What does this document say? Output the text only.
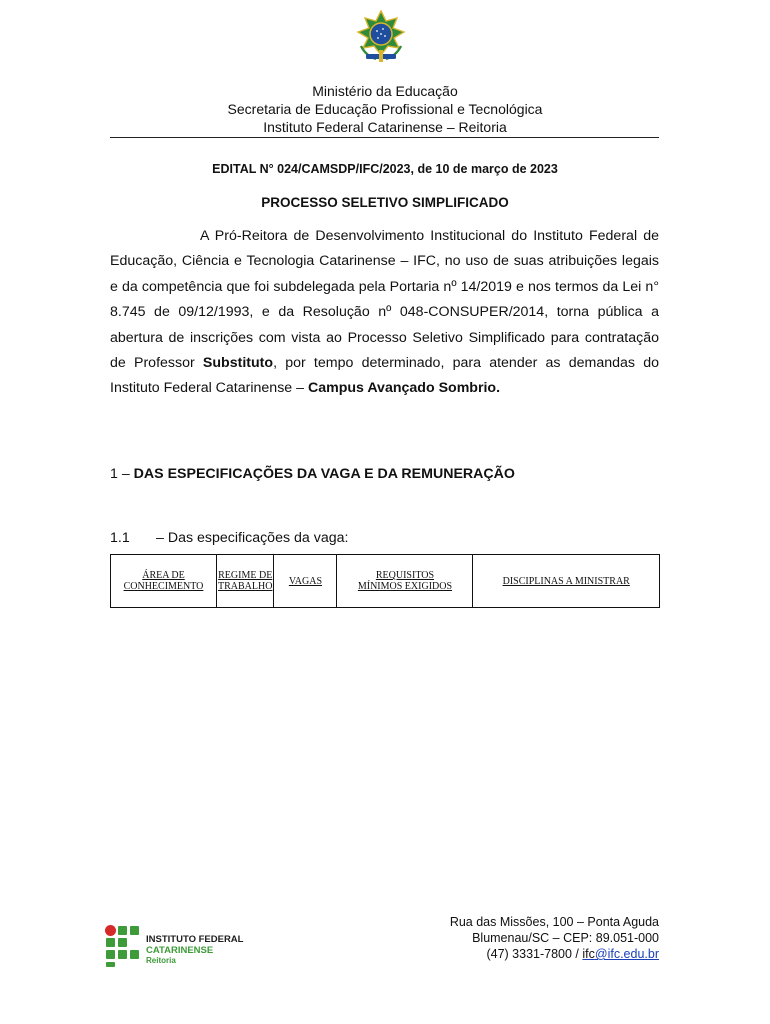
Ministério da Educação
Secretaria de Educação Profissional e Tecnológica
Instituto Federal Catarinense – Reitoria
EDITAL N° 024/CAMSDP/IFC/2023, de 10 de março de 2023
PROCESSO SELETIVO SIMPLIFICADO
A Pró-Reitora de Desenvolvimento Institucional do Instituto Federal de Educação, Ciência e Tecnologia Catarinense – IFC, no uso de suas atribuições legais e da competência que foi subdelegada pela Portaria nº 14/2019 e nos termos da Lei n° 8.745 de 09/12/1993, e da Resolução nº 048-CONSUPER/2014, torna pública a abertura de inscrições com vista ao Processo Seletivo Simplificado para contratação de Professor Substituto, por tempo determinado, para atender as demandas do Instituto Federal Catarinense – Campus Avançado Sombrio.
1 – DAS ESPECIFICAÇÕES DA VAGA E DA REMUNERAÇÃO
1.1 – Das especificações da vaga:
ÁREA DE CONHECIMENTO	REGIME DE TRABALHO	VAGAS	REQUISITOS MÍNIMOS EXIGIDOS	DISCIPLINAS A MINISTRAR
INSTITUTO FEDERAL
CATARINENSE
Reitoria
Rua das Missões, 100 – Ponta Aguda
Blumenau/SC – CEP: 89.051-000
(47) 3331-7800 / ifc@ifc.edu.br
